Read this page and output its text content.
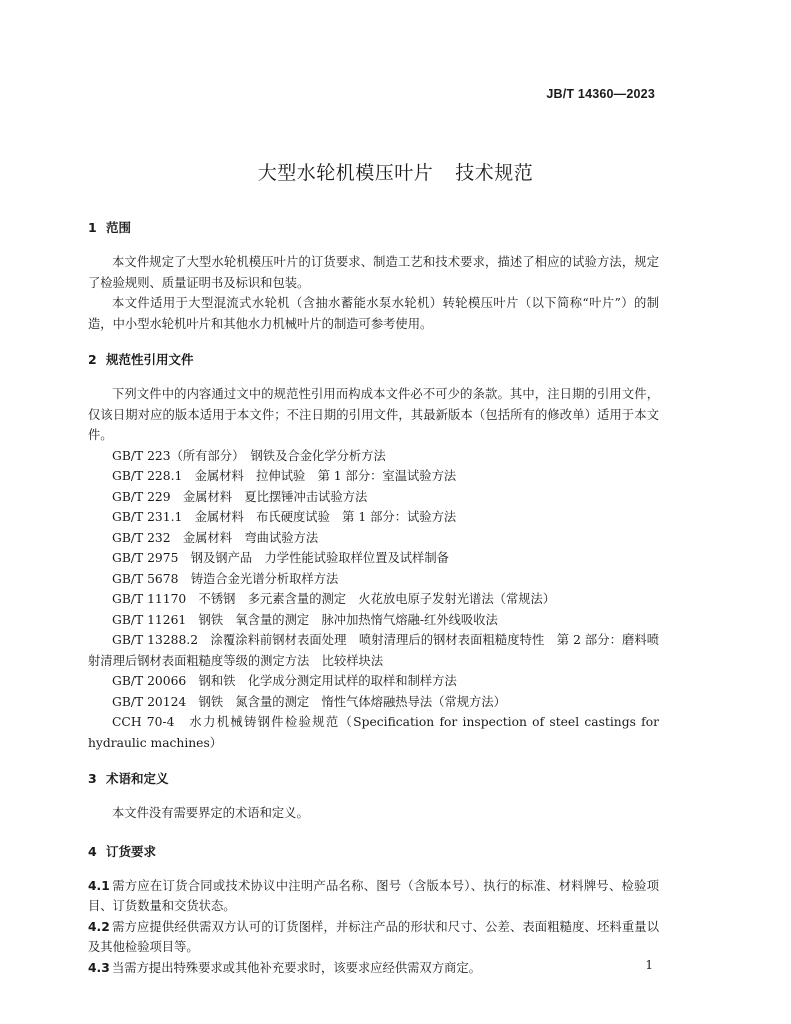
JB/T 14360—2023
大型水轮机模压叶片 技术规范
1 范围

本文件规定了大型水轮机模压叶片的订货要求、制造工艺和技术要求，描述了相应的试验方法，规定了检验规则、质量证明书及标识和包装。

本文件适用于大型混流式水轮机（含抽水蓄能水泵水轮机）转轮模压叶片（以下简称“叶片”）的制造，中小型水轮机叶片和其他水力机械叶片的制造可参考使用。

2 规范性引用文件

下列文件中的内容通过文中的规范性引用而构成本文件必不可少的条款。其中，注日期的引用文件，仅该日期对应的版本适用于本文件；不注日期的引用文件，其最新版本（包括所有的修改单）适用于本文件。

GB/T 223（所有部分）　钢铁及合金化学分析方法

GB/T 228.1　金属材料　拉伸试验　第 1 部分：室温试验方法

GB/T 229　金属材料　夏比摆锤冲击试验方法

GB/T 231.1　金属材料　布氏硬度试验　第 1 部分：试验方法

GB/T 232　金属材料　弯曲试验方法

GB/T 2975　钢及钢产品　力学性能试验取样位置及试样制备

GB/T 5678　铸造合金光谱分析取样方法

GB/T 11170　不锈钢　多元素含量的测定　火花放电原子发射光谱法（常规法）

GB/T 11261　钢铁　氧含量的测定　脉冲加热惰气熔融-红外线吸收法

GB/T 13288.2　涂覆涂料前钢材表面处理　喷射清理后的钢材表面粗糙度特性　第 2 部分：磨料喷射清理后钢材表面粗糙度等级的测定方法　比较样块法

GB/T 20066　钢和铁　化学成分测定用试样的取样和制样方法

GB/T 20124　钢铁　氮含量的测定　惰性气体熔融热导法（常规方法）

CCH 70-4　水力机械铸钢件检验规范（Specification for inspection of steel castings for hydraulic machines）

3 术语和定义

本文件没有需要界定的术语和定义。

4 订货要求

4.1 需方应在订货合同或技术协议中注明产品名称、图号（含版本号）、执行的标准、材料牌号、检验项目、订货数量和交货状态。

4.2 需方应提供经供需双方认可的订货图样，并标注产品的形状和尺寸、公差、表面粗糙度、坯料重量以及其他检验项目等。

4.3 当需方提出特殊要求或其他补充要求时，该要求应经供需双方商定。	1
